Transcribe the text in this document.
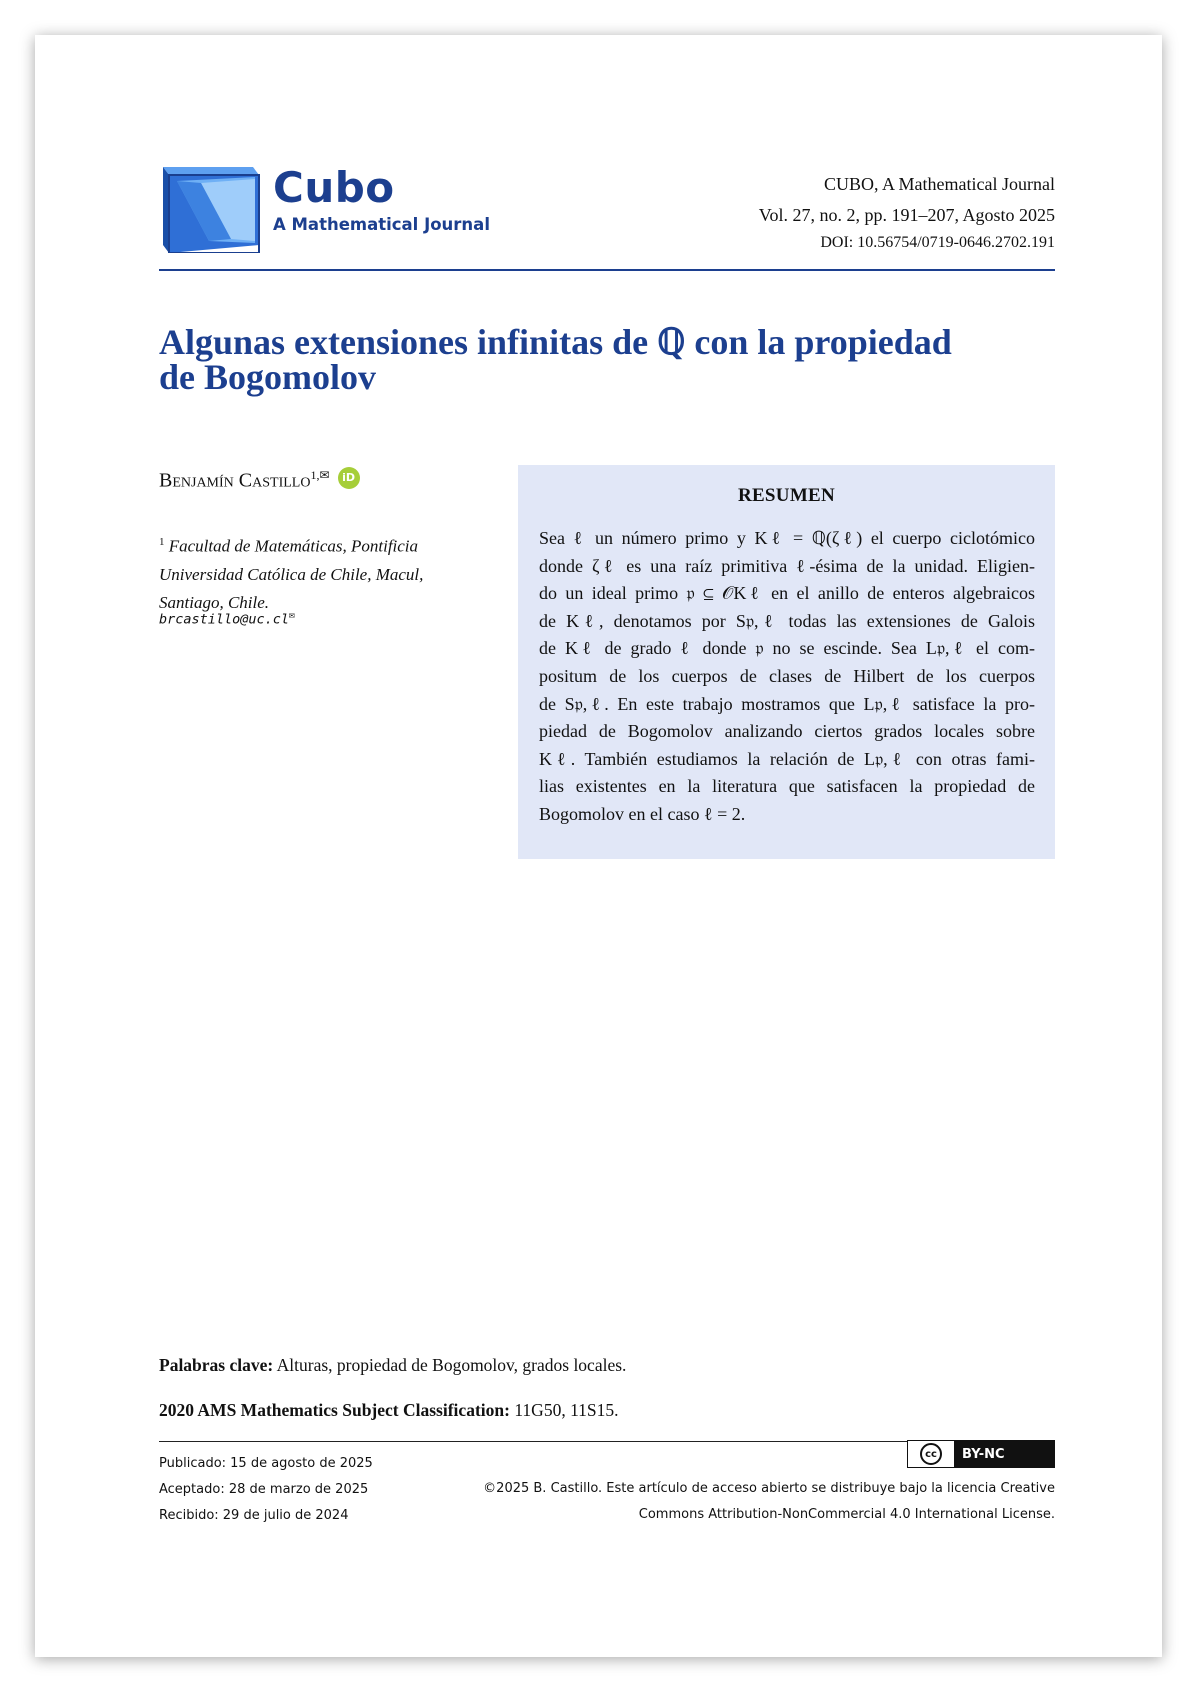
Cubo
A Mathematical Journal
CUBO, A Mathematical Journal
Vol. 27, no. 2, pp. 191–207, Agosto 2025
DOI: 10.56754/0719-0646.2702.191
Algunas extensiones infinitas de ℚ con la propiedad
de Bogomolov
Benjamín Castillo$^{1,✉}$ iD
$^1$ Facultad de Matemáticas, Pontificia
Universidad Católica de Chile, Macul,
Santiago, Chile.
brcastillo@uc.cl✉
RESUMEN
Sea ℓ un número primo y Kℓ = ℚ(ζℓ) el cuerpo ciclotómico
donde ζℓ es una raíz primitiva ℓ-ésima de la unidad. Eligien-
do un ideal primo 𝔭 ⊆ 𝒪Kℓ en el anillo de enteros algebraicos
de Kℓ, denotamos por S𝔭,ℓ todas las extensiones de Galois
de Kℓ de grado ℓ donde 𝔭 no se escinde. Sea L𝔭,ℓ el com-
positum de los cuerpos de clases de Hilbert de los cuerpos
de S𝔭,ℓ. En este trabajo mostramos que L𝔭,ℓ satisface la pro-
piedad de Bogomolov analizando ciertos grados locales sobre
Kℓ. También estudiamos la relación de L𝔭,ℓ con otras fami-
lias existentes en la literatura que satisfacen la propiedad de
Bogomolov en el caso ℓ = 2.
Palabras clave: Alturas, propiedad de Bogomolov, grados locales.
2020 AMS Mathematics Subject Classification: 11G50, 11S15.
Publicado: 15 de agosto de 2025
Aceptado: 28 de marzo de 2025
Recibido: 29 de julio de 2024
cc	BY-NC
©2025 B. Castillo. Este artículo de acceso abierto se distribuye bajo la licencia Creative
Commons Attribution-NonCommercial 4.0 International License.
